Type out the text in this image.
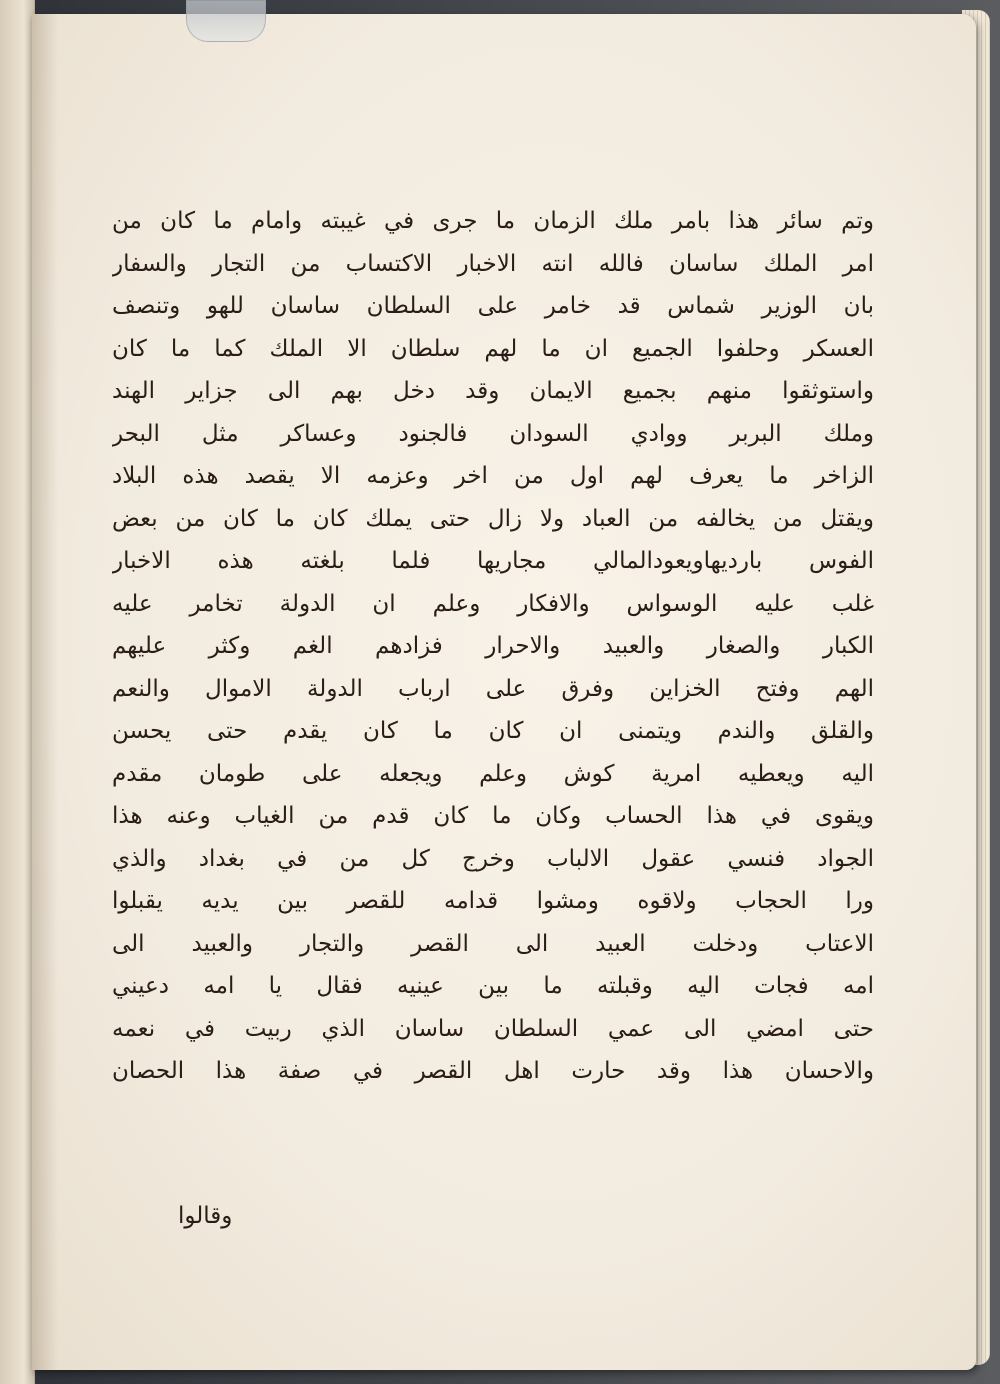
وتم سائر هذا بامر ملك الزمان ما جرى في غيبته وامام ما كان من
امر الملك ساسان فالله انته الاخبار الاكتساب من التجار والسفار
بان الوزير شماس قد خامر على السلطان ساسان للهو وتنصف
العسكر وحلفوا الجميع ان ما لهم سلطان الا الملك كما ما كان
واستوثقوا منهم بجميع الايمان وقد دخل بهم الى جزاير الهند
وملك البربر ووادي السودان فالجنود وعساكر مثل البحر
الزاخر ما يعرف لهم اول من اخر وعزمه الا يقصد هذه البلاد
ويقتل من يخالفه من العباد ولا زال حتى يملك كان ما كان من بعض
الفوس بارديهاويعودالمالي مجاريها فلما بلغته هذه الاخبار
غلب عليه الوسواس والافكار وعلم ان الدولة تخامر عليه
الكبار والصغار والعبيد والاحرار فزادهم الغم وكثر عليهم
الهم وفتح الخزاين وفرق على ارباب الدولة الاموال والنعم
والقلق والندم ويتمنى ان كان ما كان يقدم حتى يحسن
اليه ويعطيه امرية كوش وعلم ويجعله على طومان مقدم
ويقوى في هذا الحساب وكان ما كان قدم من الغياب وعنه هذا
الجواد فنسي عقول الالباب وخرج كل من في بغداد والذي
ورا الحجاب ولاقوه ومشوا قدامه للقصر بين يديه يقبلوا
الاعتاب ودخلت العبيد الى القصر والتجار والعبيد الى
امه فجات اليه وقبلته ما بين عينيه فقال يا امه دعيني
حتى امضي الى عمي السلطان ساسان الذي ربيت في نعمه
والاحسان هذا وقد حارت اهل القصر في صفة هذا الحصان
وقالوا
